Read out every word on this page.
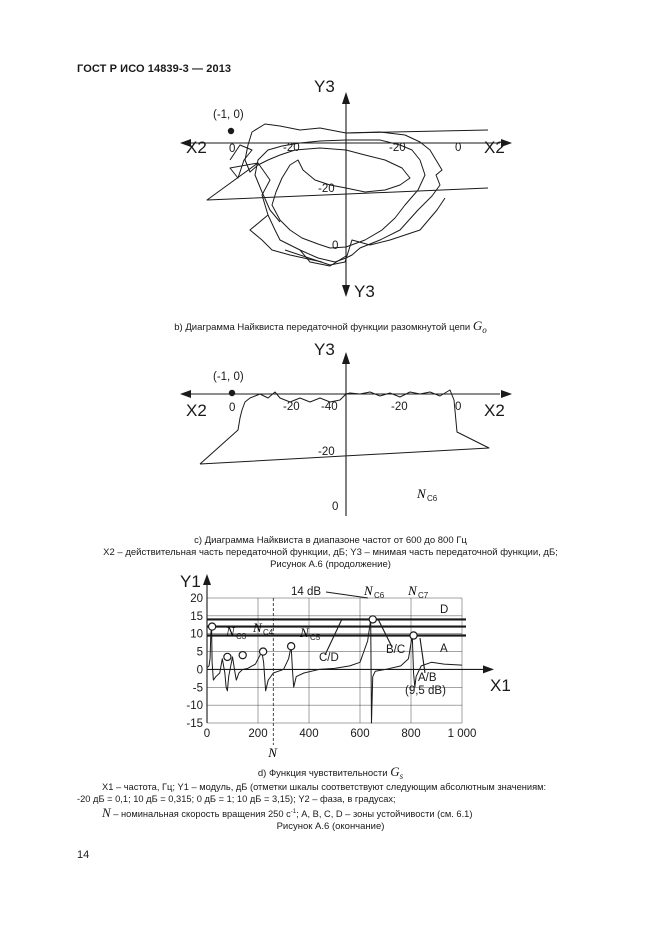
ГОСТ Р ИСО 14839-3 — 2013
Y3
Y3
X2	X2
(-1, 0)
0	-20	-20	0
-20
0
b) Диаграмма Найквиста передаточной функции разомкнутой цепи $G_o$
Y3
X2	X2
(-1, 0)
0	-20 -40	-20	0
-20
0
N C6
c) Диаграмма Найквиста в диапазоне частот от 600 до 800 Гц
X2 – действительная часть передаточной функции, дБ; Y3 – мнимая часть передаточной функции, дБ;
Рисунок А.6 (продолжение)
Y1
X1
20
15
10
5
0
-5
-10
-15
0	200	400	600	800 1 000
N
N C3
N C4 N C5
N C6 N C7
14 dB
D
C/D
B/C	A
A/B
(9,5 dB)
d) Функция чувствительности $G_s$
X1 – частота, Гц; Y1 – модуль, дБ (отметки шкалы соответствуют следующим абсолютным значениям:
-20 дБ = 0,1; 10 дБ = 0,315; 0 дБ = 1; 10 дБ = 3,15); Y2 – фаза, в градусах;
N – номинальная скорость вращения 250 $с^{-1}$; A, B, C, D – зоны устойчивости (см. 6.1)
Рисунок А.6 (окончание)
14
